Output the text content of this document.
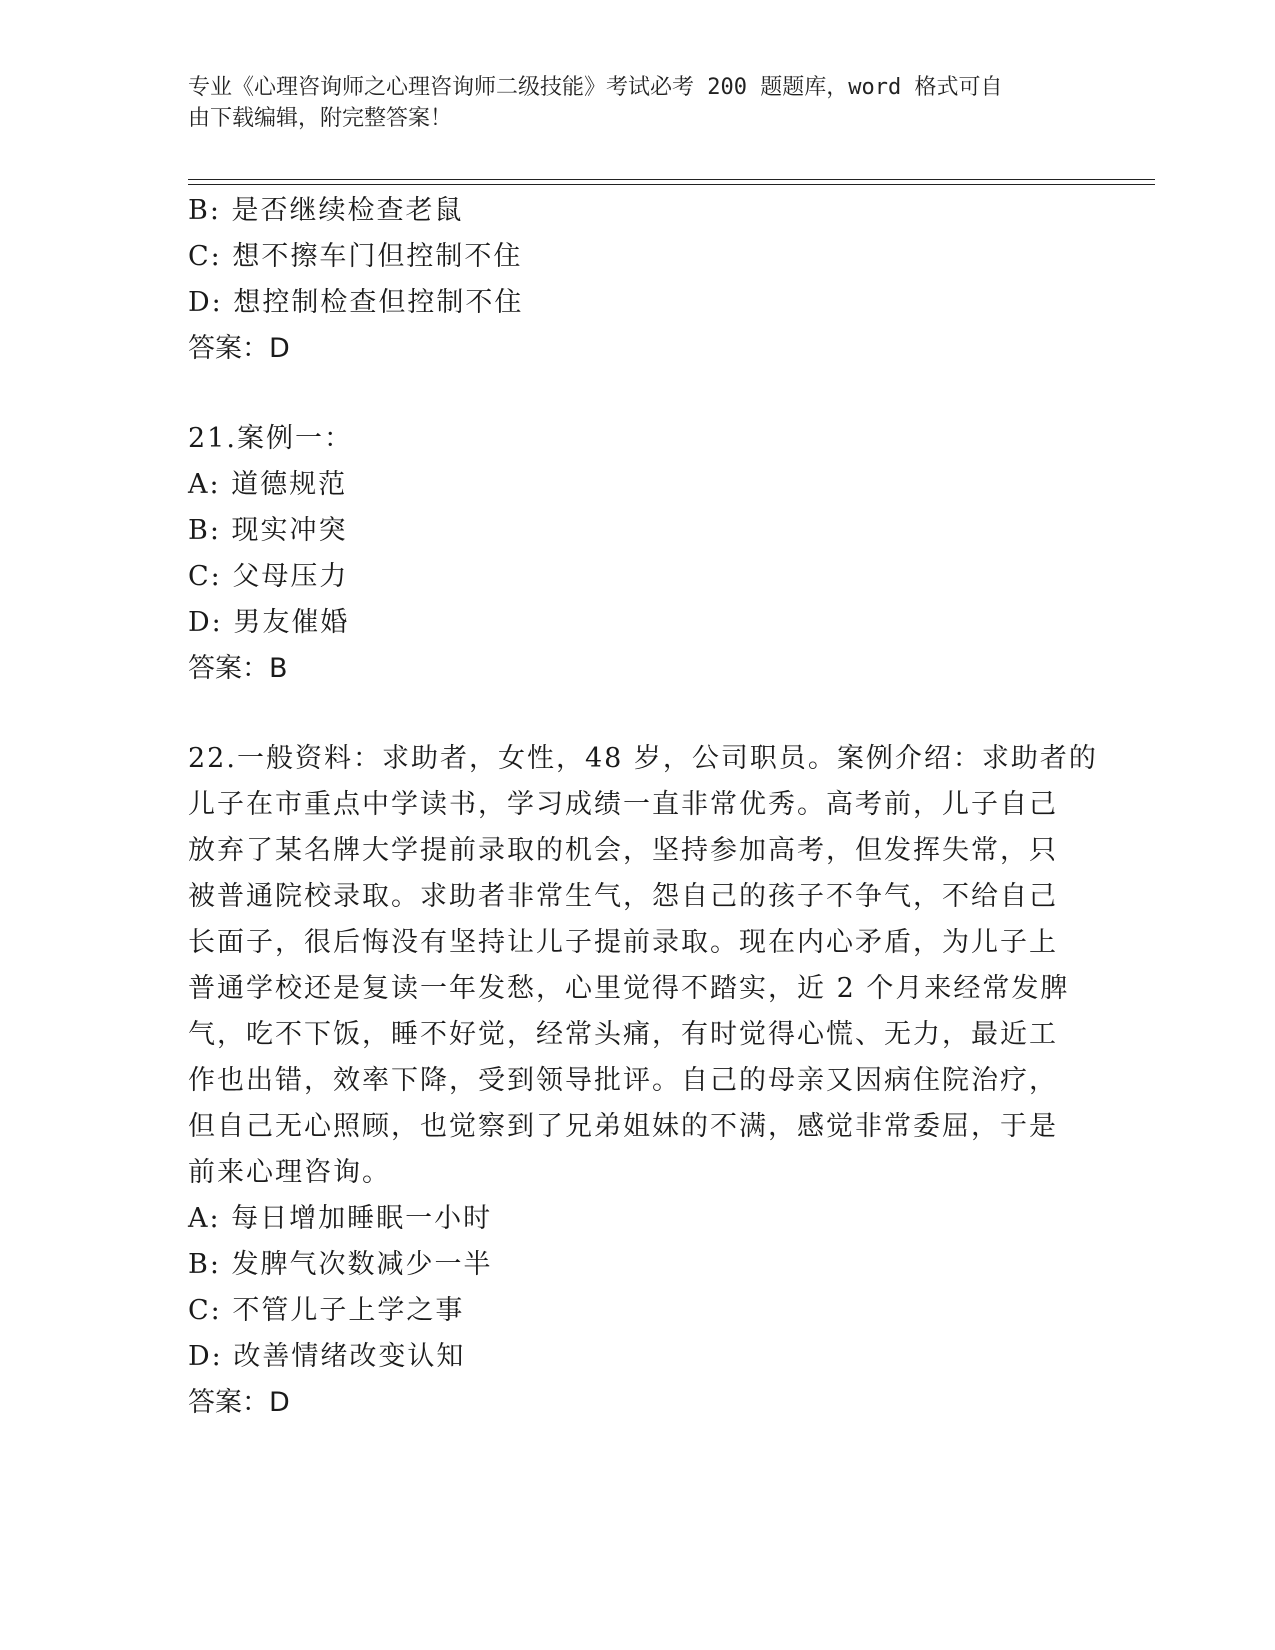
专业《心理咨询师之心理咨询师二级技能》考试必考 200 题题库，word 格式可自
由下载编辑，附完整答案！
B: 是否继续检查老鼠
C: 想不擦车门但控制不住
D: 想控制检查但控制不住
答案：D
21.案例一：
A: 道德规范
B: 现实冲突
C: 父母压力
D: 男友催婚
答案：B
22.一般资料：求助者，女性，48 岁，公司职员。案例介绍：求助者的
儿子在市重点中学读书，学习成绩一直非常优秀。高考前，儿子自己
放弃了某名牌大学提前录取的机会，坚持参加高考，但发挥失常，只
被普通院校录取。求助者非常生气，怨自己的孩子不争气，不给自己
长面子，很后悔没有坚持让儿子提前录取。现在内心矛盾，为儿子上
普通学校还是复读一年发愁，心里觉得不踏实，近 2 个月来经常发脾
气，吃不下饭，睡不好觉，经常头痛，有时觉得心慌、无力，最近工
作也出错，效率下降，受到领导批评。自己的母亲又因病住院治疗，
但自己无心照顾，也觉察到了兄弟姐妹的不满，感觉非常委屈，于是
前来心理咨询。
A: 每日增加睡眠一小时
B: 发脾气次数减少一半
C: 不管儿子上学之事
D: 改善情绪改变认知
答案：D
